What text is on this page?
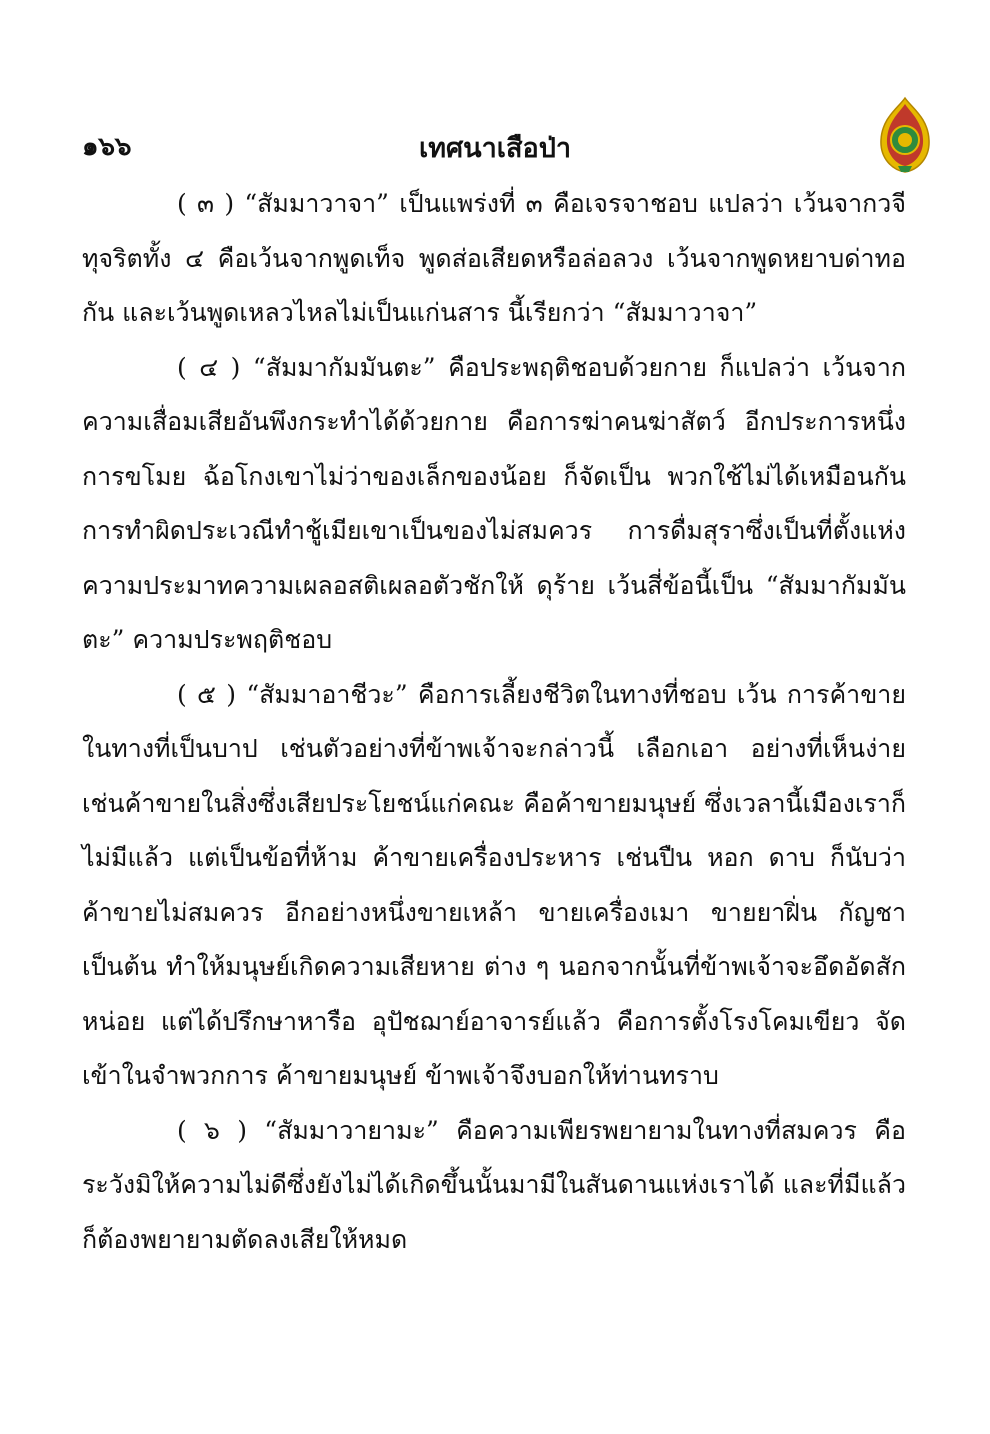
๑๖๖	เทศนาเสือป่า

( ๓ ) “สัมมาวาจา” เป็นแพร่งที่ ๓ คือเจรจาชอบ แปลว่า เว้นจากวจีทุจริตทั้ง ๔ คือเว้นจากพูดเท็จ พูดส่อเสียดหรือล่อลวง เว้นจากพูดหยาบด่าทอกัน และเว้นพูดเหลวไหลไม่เป็นแก่นสาร นี้เรียกว่า “สัมมาวาจา”

( ๔ ) “สัมมากัมมันตะ” คือประพฤติชอบด้วยกาย ก็แปลว่า เว้นจากความเสื่อมเสียอันพึงกระทำได้ด้วยกาย คือการฆ่าคนฆ่าสัตว์ อีกประการหนึ่ง การขโมย ฉ้อโกงเขาไม่ว่าของเล็กของน้อย ก็จัดเป็น พวกใช้ไม่ได้เหมือนกัน การทำผิดประเวณีทำชู้เมียเขาเป็นของไม่สมควร การดื่มสุราซึ่งเป็นที่ตั้งแห่งความประมาทความเผลอสติเผลอตัวชักให้ ดุร้าย เว้นสี่ข้อนี้เป็น “สัมมากัมมันตะ” ความประพฤติชอบ

( ๕ ) “สัมมาอาชีวะ” คือการเลี้ยงชีวิตในทางที่ชอบ เว้น การค้าขายในทางที่เป็นบาป เช่นตัวอย่างที่ข้าพเจ้าจะกล่าวนี้ เลือกเอา อย่างที่เห็นง่าย เช่นค้าขายในสิ่งซึ่งเสียประโยชน์แก่คณะ คือค้าขายมนุษย์ ซึ่งเวลานี้เมืองเราก็ไม่มีแล้ว แต่เป็นข้อที่ห้าม ค้าขายเครื่องประหาร เช่นปืน หอก ดาบ ก็นับว่าค้าขายไม่สมควร อีกอย่างหนึ่งขายเหล้า ขายเครื่องเมา ขายยาฝิ่น กัญชา เป็นต้น ทำให้มนุษย์เกิดความเสียหาย ต่าง ๆ นอกจากนั้นที่ข้าพเจ้าจะอึดอัดสักหน่อย แต่ได้ปรึกษาหารือ อุปัชฌาย์อาจารย์แล้ว คือการตั้งโรงโคมเขียว จัดเข้าในจำพวกการ ค้าขายมนุษย์ ข้าพเจ้าจึงบอกให้ท่านทราบ

( ๖ ) “สัมมาวายามะ” คือความเพียรพยายามในทางที่สมควร คือระวังมิให้ความไม่ดีซึ่งยังไม่ได้เกิดขึ้นนั้นมามีในสันดานแห่งเราได้ และที่มีแล้วก็ต้องพยายามตัดลงเสียให้หมด
